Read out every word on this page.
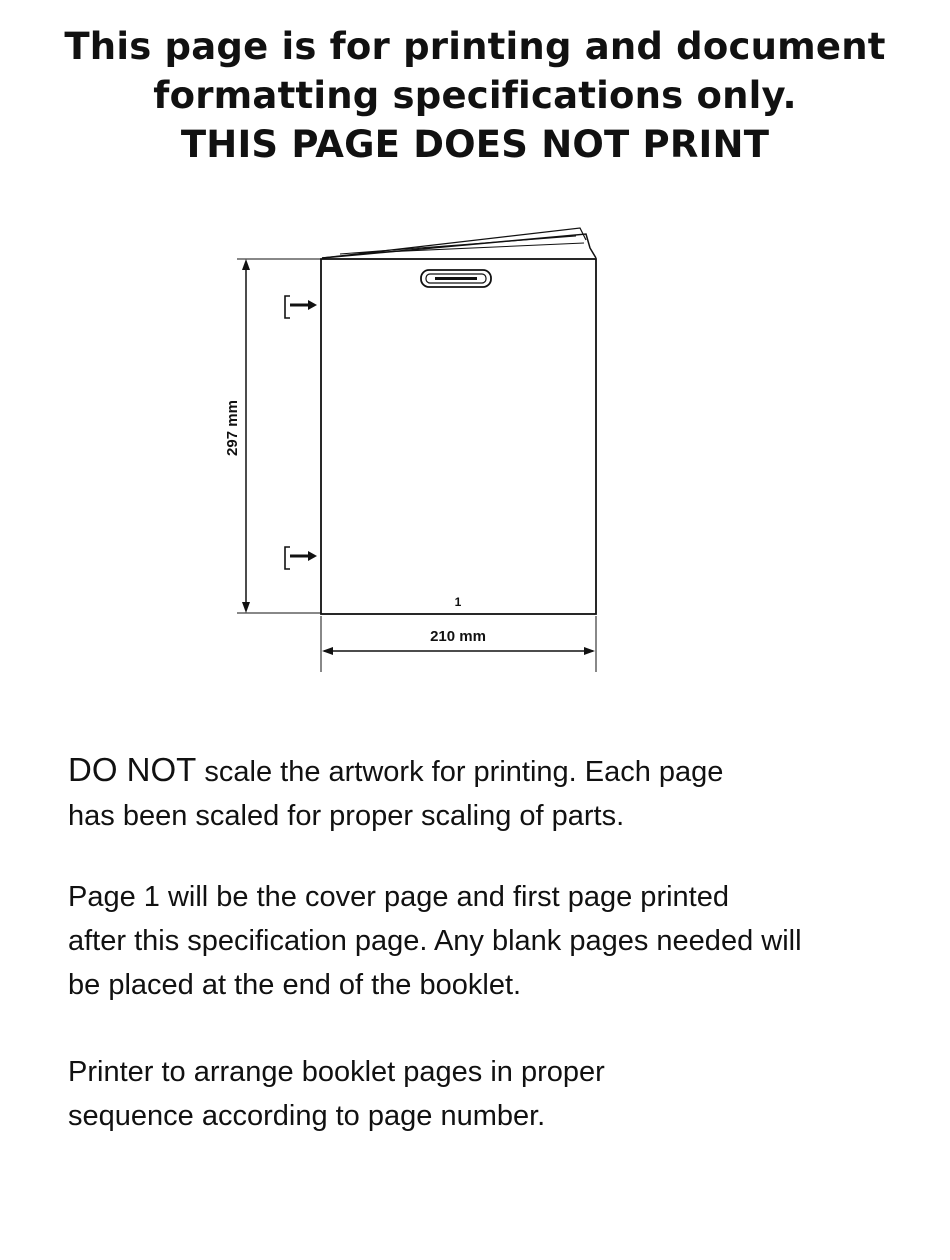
This page is for printing and document
formatting specifications only.
THIS PAGE DOES NOT PRINT
297 mm
210 mm
1

DO NOT scale the artwork for printing. Each page

has been scaled for proper scaling of parts.

Page 1 will be the cover page and first page printed

after this specification page. Any blank pages needed will

be placed at the end of the booklet.

Printer to arrange booklet pages in proper

sequence according to page number.
